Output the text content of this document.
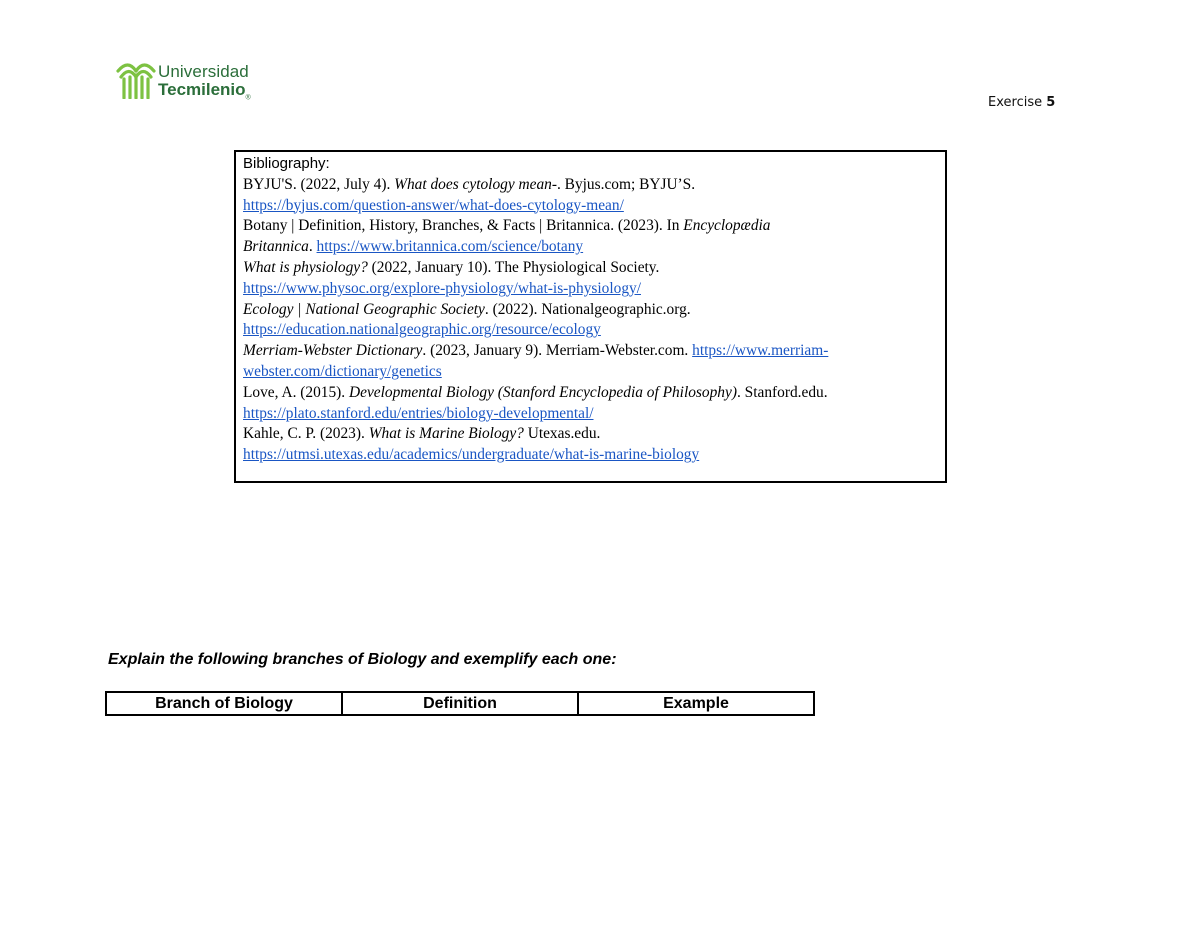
Universidad
Tecmilenio$_®$	Exercise 5
Bibliography:
BYJU'S. (2022, July 4). What does cytology mean-. Byjus.com; BYJU’S.
https://byjus.com/question-answer/what-does-cytology-mean/
Botany | Definition, History, Branches, & Facts | Britannica. (2023). In Encyclopædia
Britannica. https://www.britannica.com/science/botany
What is physiology? (2022, January 10). The Physiological Society.
https://www.physoc.org/explore-physiology/what-is-physiology/
Ecology | National Geographic Society. (2022). Nationalgeographic.org.
https://education.nationalgeographic.org/resource/ecology
Merriam-Webster Dictionary. (2023, January 9). Merriam-Webster.com. https://www.merriam-
webster.com/dictionary/genetics
Love, A. (2015). Developmental Biology (Stanford Encyclopedia of Philosophy). Stanford.edu.
https://plato.stanford.edu/entries/biology-developmental/
Kahle, C. P. (2023). What is Marine Biology? Utexas.edu.
https://utmsi.utexas.edu/academics/undergraduate/what-is-marine-biology
Explain the following branches of Biology and exemplify each one:
Branch of Biology	Definition	Example
